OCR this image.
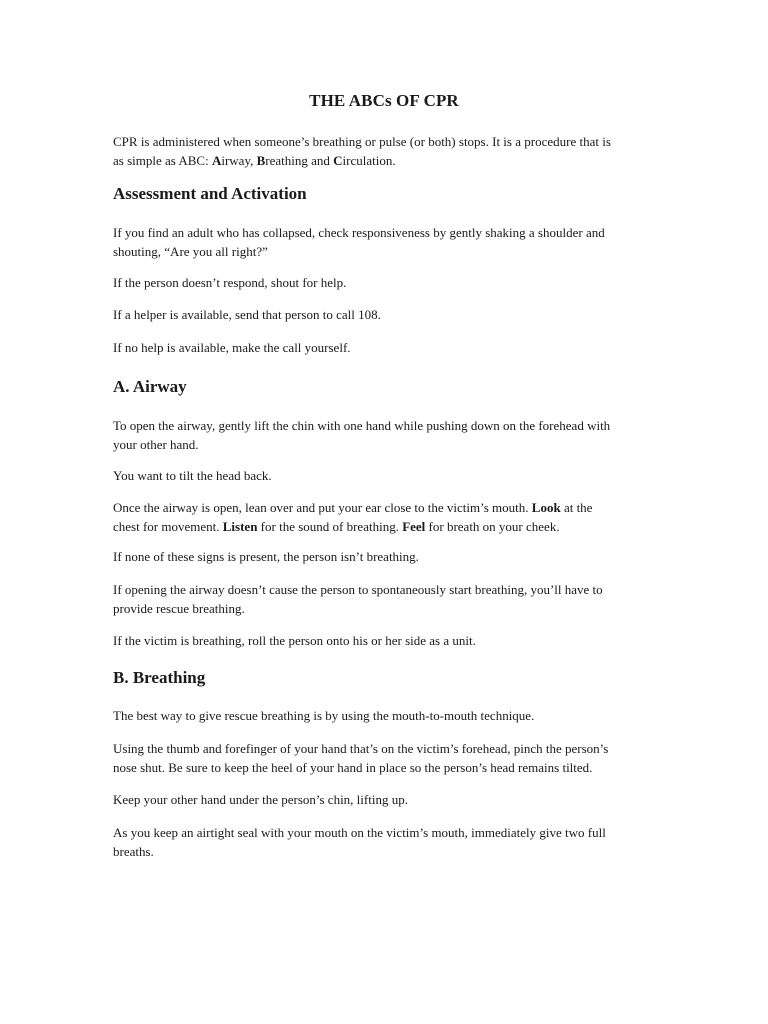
THE ABCs OF CPR
CPR is administered when someone’s breathing or pulse (or both) stops. It is a procedure that is
as simple as ABC: Airway, Breathing and Circulation.
Assessment and Activation
If you find an adult who has collapsed, check responsiveness by gently shaking a shoulder and
shouting, “Are you all right?”
If the person doesn’t respond, shout for help.
If a helper is available, send that person to call 108.
If no help is available, make the call yourself.
A. Airway
To open the airway, gently lift the chin with one hand while pushing down on the forehead with
your other hand.
You want to tilt the head back.
Once the airway is open, lean over and put your ear close to the victim’s mouth. Look at the
chest for movement. Listen for the sound of breathing. Feel for breath on your cheek.
If none of these signs is present, the person isn’t breathing.
If opening the airway doesn’t cause the person to spontaneously start breathing, you’ll have to
provide rescue breathing.
If the victim is breathing, roll the person onto his or her side as a unit.
B. Breathing
The best way to give rescue breathing is by using the mouth-to-mouth technique.
Using the thumb and forefinger of your hand that’s on the victim’s forehead, pinch the person’s
nose shut. Be sure to keep the heel of your hand in place so the person’s head remains tilted.
Keep your other hand under the person’s chin, lifting up.
As you keep an airtight seal with your mouth on the victim’s mouth, immediately give two full
breaths.
